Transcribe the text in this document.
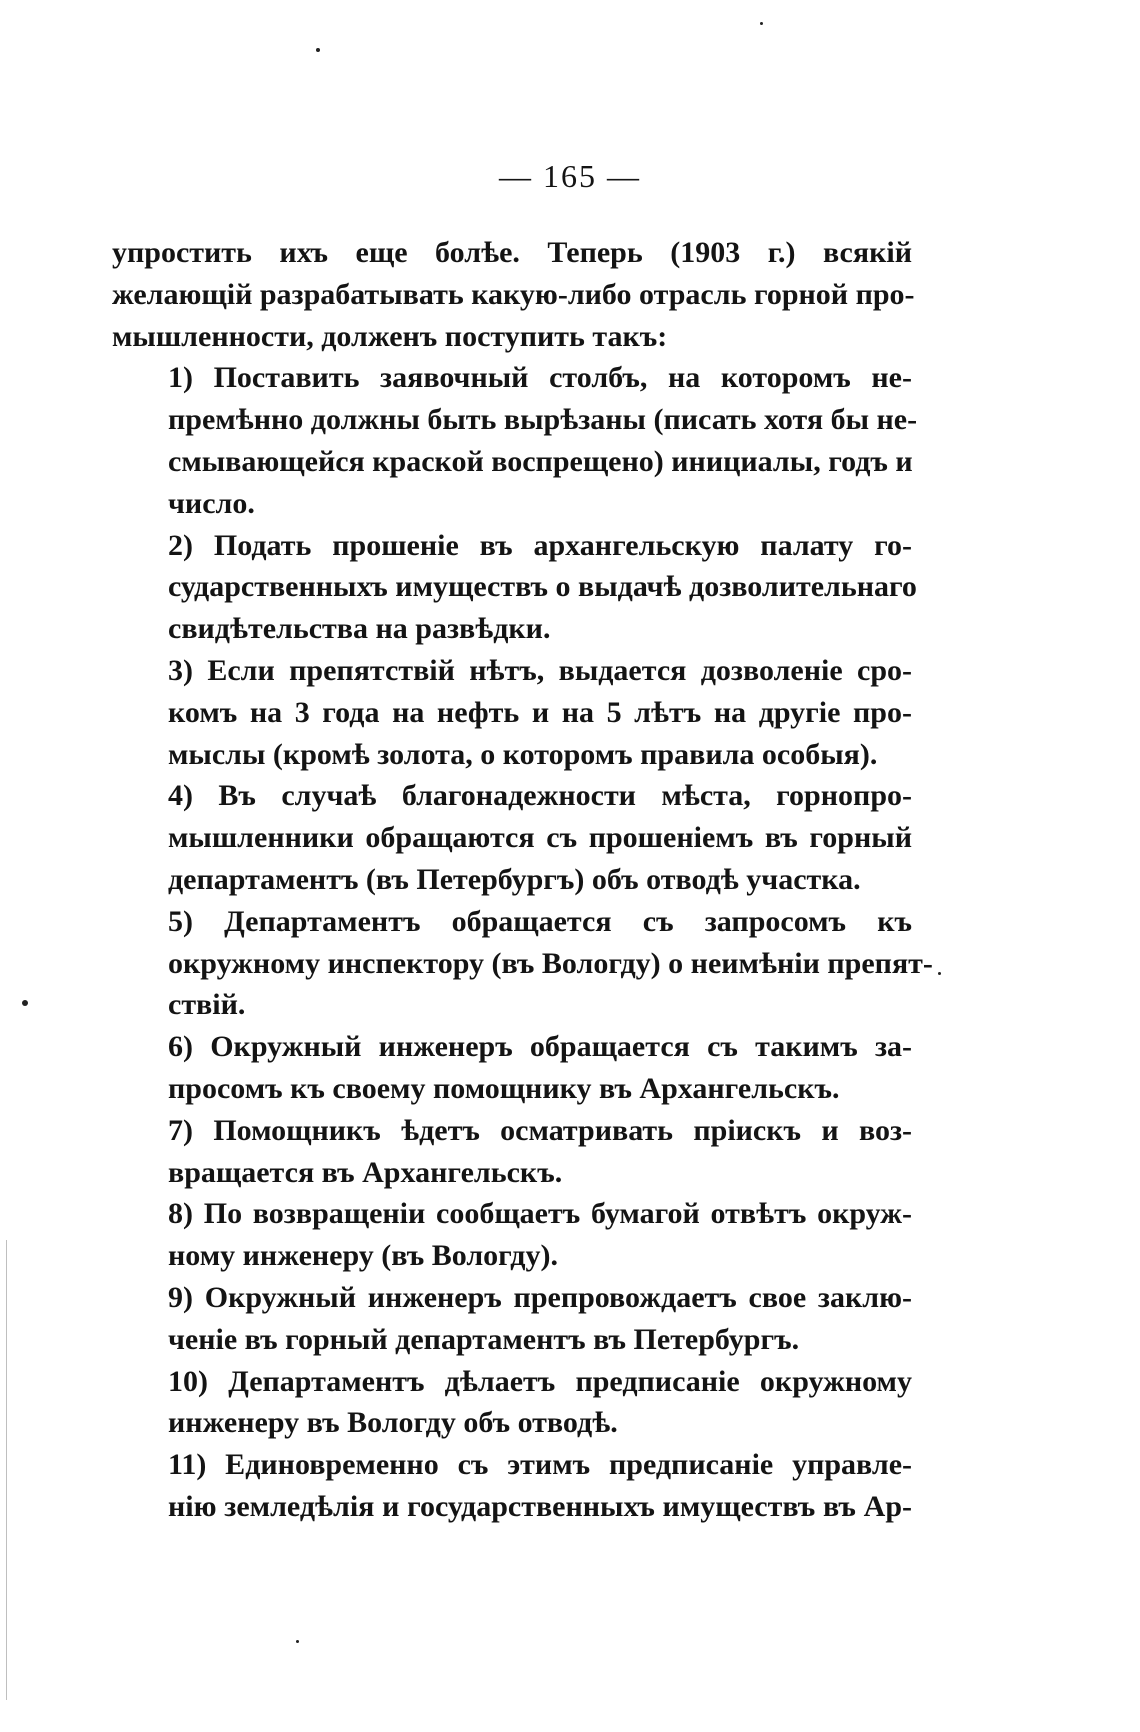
— 165 —

упростить ихъ еще болѣе. Теперь (1903 г.) всякій
желающій разрабатывать какую-либо отрасль горной про-
мышленности, долженъ поступить такъ:

1) Поставить заявочный столбъ, на которомъ не-
премѣнно должны быть вырѣзаны (писать хотя бы не-
смывающейся краской воспрещено) инициалы, годъ и
число.

2) Подать прошеніе въ архангельскую палату го-
сударственныхъ имуществъ о выдачѣ дозволительнаго
свидѣтельства на развѣдки.

3) Если препятствій нѣтъ, выдается дозволеніе сро-
комъ на 3 года на нефть и на 5 лѣтъ на другіе про-
мыслы (кромѣ золота, о которомъ правила особыя).

4) Въ случаѣ благонадежности мѣста, горнопро-
мышленники обращаются съ прошеніемъ въ горный
департаментъ (въ Петербургъ) объ отводѣ участка.

5) Департаментъ обращается съ запросомъ къ
окружному инспектору (въ Вологду) о неимѣніи препят-
ствій.

6) Окружный инженеръ обращается съ такимъ за-
просомъ къ своему помощнику въ Архангельскъ.

7) Помощникъ ѣдетъ осматривать пріискъ и воз-
вращается въ Архангельскъ.

8) По возвращеніи сообщаетъ бумагой отвѣтъ окруж-
ному инженеру (въ Вологду).

9) Окружный инженеръ препровождаетъ свое заклю-
ченіе въ горный департаментъ въ Петербургъ.

10) Департаментъ дѣлаетъ предписаніе окружному
инженеру въ Вологду объ отводѣ.

11) Единовременно съ этимъ предписаніе управле-
нію земледѣлія и государственныхъ имуществъ въ Ар-
